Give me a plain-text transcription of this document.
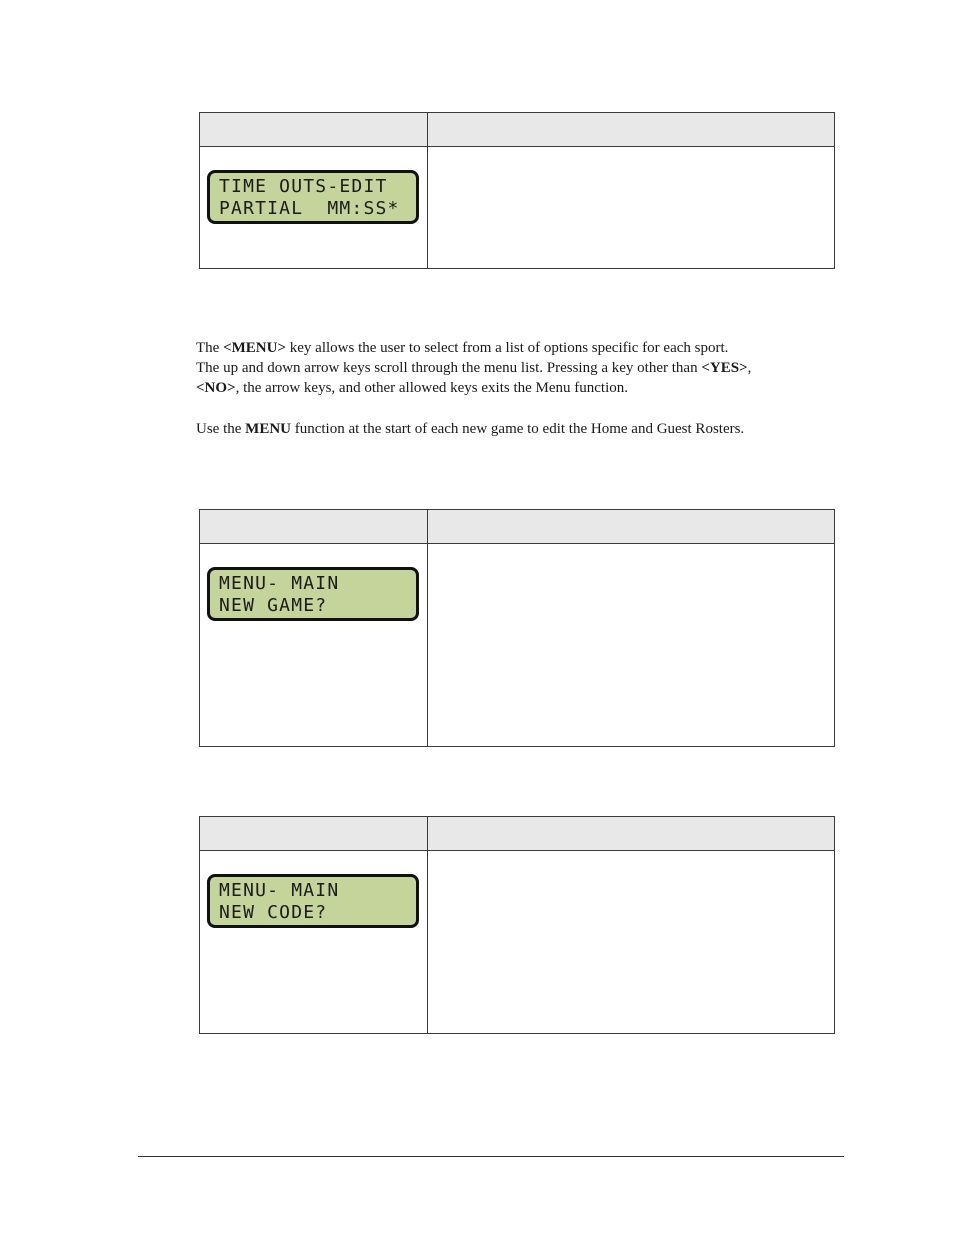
TIME OUTS-EDIT
PARTIAL  MM:SS*
The <MENU> key allows the user to select from a list of options specific for each sport.
The up and down arrow keys scroll through the menu list. Pressing a key other than <YES>,
<NO>, the arrow keys, and other allowed keys exits the Menu function.
Use the MENU function at the start of each new game to edit the Home and Guest Rosters.
MENU- MAIN
NEW GAME?
MENU- MAIN
NEW CODE?
